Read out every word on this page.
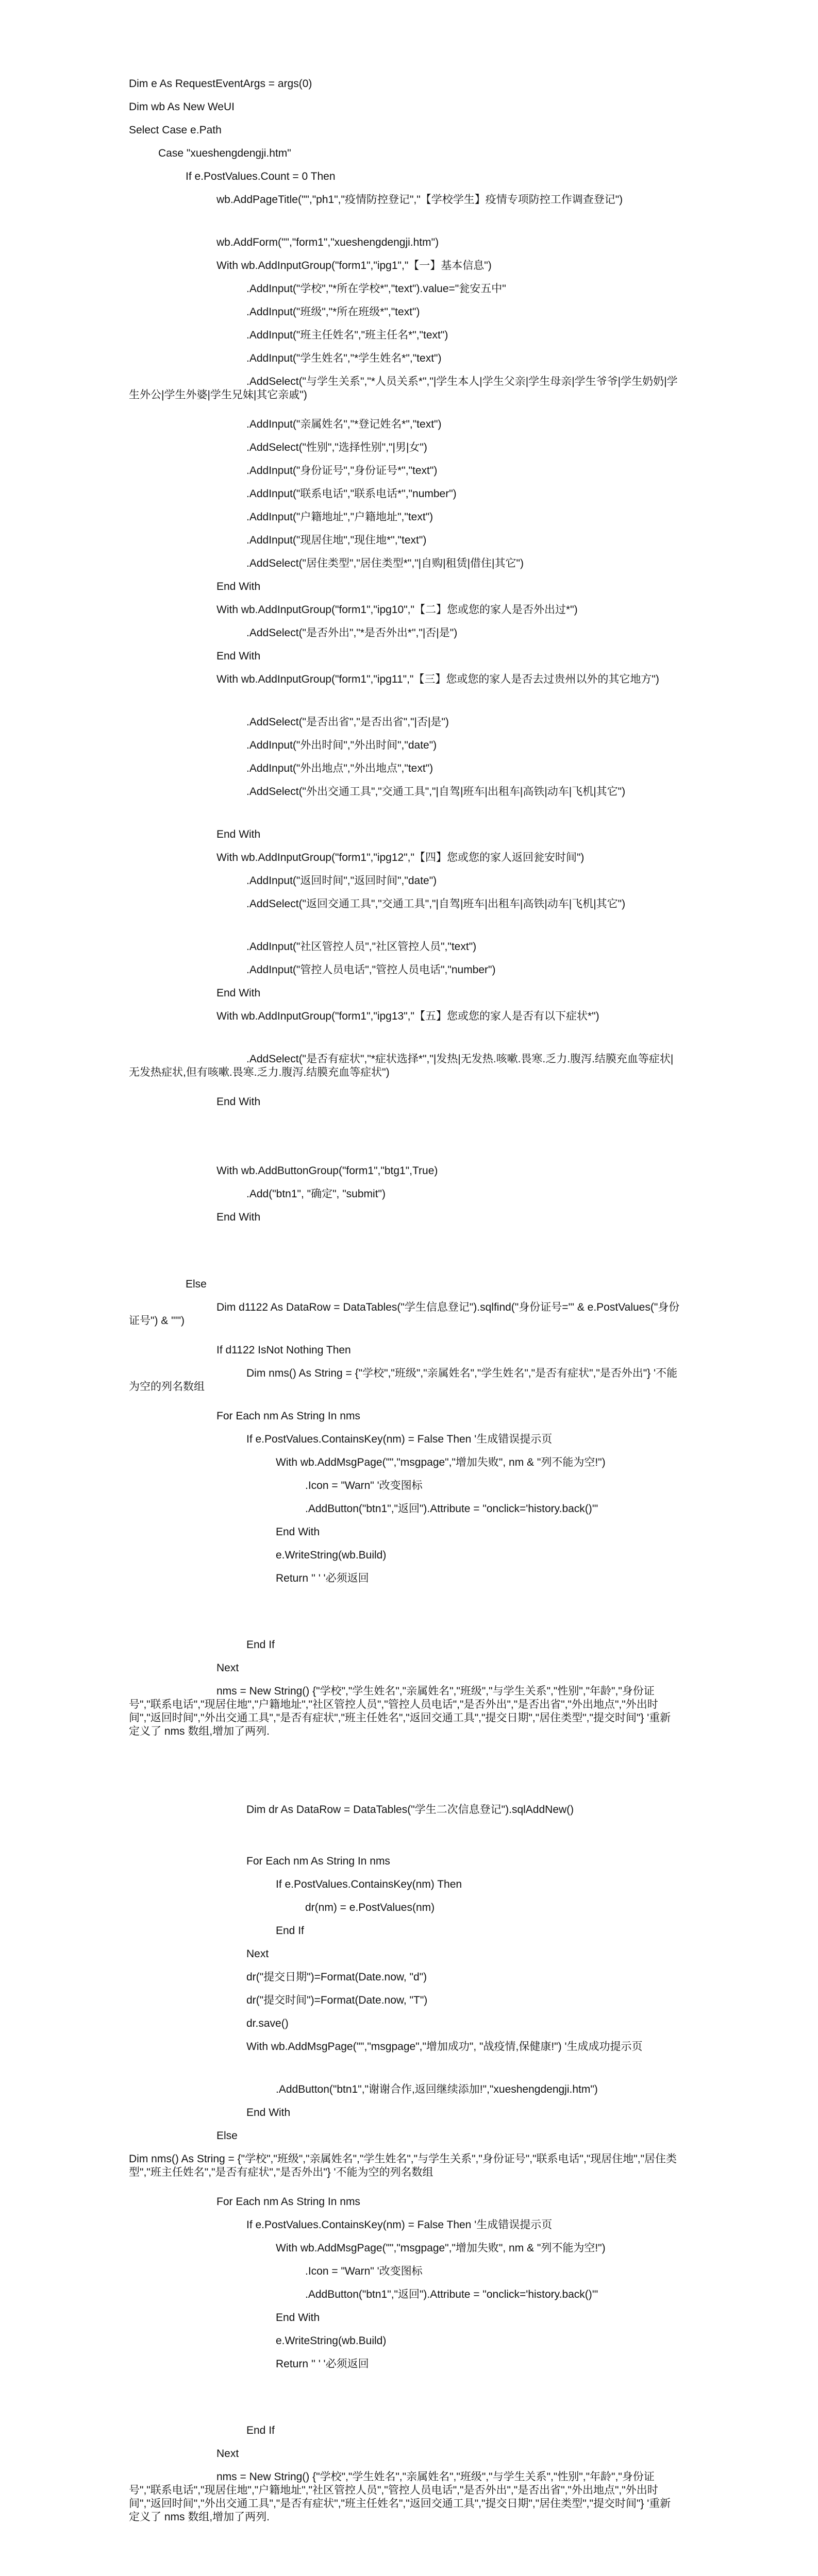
Dim e As RequestEventArgs = args(0)
Dim wb As New WeUI
Select Case e.Path
Case "xueshengdengji.htm"
If e.PostValues.Count = 0 Then
wb.AddPageTitle("","ph1","疫情防控登记","【学校学生】疫情专项防控工作调查登记")
wb.AddForm("","form1","xueshengdengji.htm")
With wb.AddInputGroup("form1","ipg1","【一】基本信息")
.AddInput("学校","*所在学校*","text").value="瓮安五中"
.AddInput("班级","*所在班级*","text")
.AddInput("班主任姓名","班主任名*","text")
.AddInput("学生姓名","*学生姓名*","text")
.AddSelect("与学生关系","*人员关系*","|学生本人|学生父亲|学生母亲|学生爷爷|学生奶奶|学生外公|学生外婆|学生兄妹|其它亲戚")
.AddInput("亲属姓名","*登记姓名*","text")
.AddSelect("性别","选择性别","|男|女")
.AddInput("身份证号","身份证号*","text")
.AddInput("联系电话","联系电话*","number")
.AddInput("户籍地址","户籍地址","text")
.AddInput("现居住地","现住地*","text")
.AddSelect("居住类型","居住类型*","|自购|租赁|借住|其它")
End With
With wb.AddInputGroup("form1","ipg10","【二】您或您的家人是否外出过*")
.AddSelect("是否外出","*是否外出*","|否|是")
End With
With wb.AddInputGroup("form1","ipg11","【三】您或您的家人是否去过贵州以外的其它地方")
.AddSelect("是否出省","是否出省","|否|是")
.AddInput("外出时间","外出时间","date")
.AddInput("外出地点","外出地点","text")
.AddSelect("外出交通工具","交通工具","|自驾|班车|出租车|高铁|动车|飞机|其它")
End With
With wb.AddInputGroup("form1","ipg12","【四】您或您的家人返回瓮安时间")
.AddInput("返回时间","返回时间","date")
.AddSelect("返回交通工具","交通工具","|自驾|班车|出租车|高铁|动车|飞机|其它")
.AddInput("社区管控人员","社区管控人员","text")
.AddInput("管控人员电话","管控人员电话","number")
End With
With wb.AddInputGroup("form1","ipg13","【五】您或您的家人是否有以下症状*")
.AddSelect("是否有症状","*症状选择*","|发热|无发热.咳嗽.畏寒.乏力.腹泻.结膜充血等症状|无发热症状,但有咳嗽.畏寒.乏力.腹泻.结膜充血等症状")
End With
With wb.AddButtonGroup("form1","btg1",True)
.Add("btn1", "确定", "submit")
End With
Else
Dim d1122 As DataRow = DataTables("学生信息登记").sqlfind("身份证号='" & e.PostValues("身份证号") & "'")
If d1122 IsNot Nothing Then
Dim nms() As String = {"学校","班级","亲属姓名","学生姓名","是否有症状","是否外出"} '不能为空的列名数组
For Each nm As String In nms
If e.PostValues.ContainsKey(nm) = False Then '生成错误提示页
With wb.AddMsgPage("","msgpage","增加失败", nm & "列不能为空!")
.Icon = "Warn" '改变图标
.AddButton("btn1","返回").Attribute = "onclick='history.back()'"
End With
e.WriteString(wb.Build)
Return '' ' '必须返回
End If
Next
nms = New String() {"学校","学生姓名","亲属姓名","班级","与学生关系","性别","年龄","身份证号","联系电话","现居住地","户籍地址","社区管控人员","管控人员电话","是否外出","是否出省","外出地点","外出时间","返回时间","外出交通工具","是否有症状","班主任姓名","返回交通工具","提交日期","居住类型","提交时间"} '重新定义了 nms 数组,增加了两列.
Dim dr As DataRow = DataTables("学生二次信息登记").sqlAddNew()
For Each nm As String In nms
If e.PostValues.ContainsKey(nm) Then
dr(nm) = e.PostValues(nm)
End If
Next
dr("提交日期")=Format(Date.now, "d")
dr("提交时间")=Format(Date.now, "T")
dr.save()
With wb.AddMsgPage("","msgpage","增加成功", "战疫情,保健康!") '生成成功提示页
.AddButton("btn1","谢谢合作,返回继续添加!","xueshengdengji.htm")
End With
Else
Dim nms() As String = {"学校","班级","亲属姓名","学生姓名","与学生关系","身份证号","联系电话","现居住地","居住类型","班主任姓名","是否有症状","是否外出"} '不能为空的列名数组
For Each nm As String In nms
If e.PostValues.ContainsKey(nm) = False Then '生成错误提示页
With wb.AddMsgPage("","msgpage","增加失败", nm & "列不能为空!")
.Icon = "Warn" '改变图标
.AddButton("btn1","返回").Attribute = "onclick='history.back()'"
End With
e.WriteString(wb.Build)
Return '' ' '必须返回
End If
Next
nms = New String() {"学校","学生姓名","亲属姓名","班级","与学生关系","性别","年龄","身份证号","联系电话","现居住地","户籍地址","社区管控人员","管控人员电话","是否外出","是否出省","外出地点","外出时间","返回时间","外出交通工具","是否有症状","班主任姓名","返回交通工具","提交日期","居住类型","提交时间"} '重新定义了 nms 数组,增加了两列.
